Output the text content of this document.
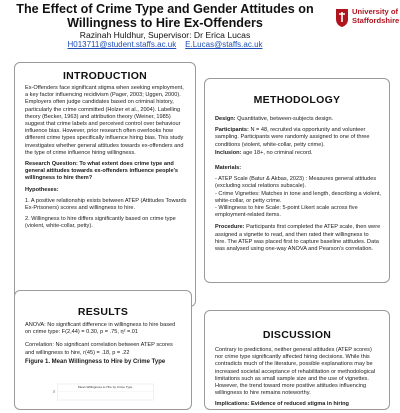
The Effect of Crime Type and Gender Attitudes on
Willingness to Hire Ex-Offenders
Razinah Huldhur, Supervisor: Dr Erica Lucas
H013711@student.staffs.ac.uk E.Lucas@staffs.ac.uk
University of
Staffordshire
INTRODUCTION

Ex-Offenders face significant stigma when seeking employment, a key factor influencing recidivism (Pager, 2003; Uggen, 2000). Employers often judge candidates based on criminal history, particularly the crime committed (Holzer et al., 2004). Labelling theory (Becker, 1963) and attribution theory (Weiner, 1985) suggest that crime labels and perceived control over behaviour influence bias. However, prior research often overlooks how different crime types specifically influence hiring bias. This study investigates whether general attitudes towards ex-offenders and the type of crime influence hiring willingness.

Research Question: To what extent does crime type and general attitudes towards ex-offenders influence people's willingness to hire them?

Hypotheses:

1. A positive relationship exists between ATEP (Attitudes Towards Ex-Prisoners) scores and willingness to hire.

2. Willingness to hire differs significantly based on crime type (violent, white-collar, petty).

METHODOLOGY

Design: Quantitative, between-subjects design.

Participants: N = 48, recruited via opportunity and volunteer sampling. Participants were randomly assigned to one of three conditions (violent, white-collar, petty crime).

Inclusion: age 18+, no criminal record.

Materials:

- ATEP Scale (Batur & Akbas, 2023) : Measures general attitudes (excluding social relations subscale).
- Crime Vignettes: Matches in tone and length, describing a violent, white-collar, or petty crime.
- Willingness to hire Scale: 5-point Likert scale across five employment-related items.

Procedure: Participants first completed the ATEP scale, then were assigned a vignette to read, and then rated their willingness to hire. The ATEP was placed first to capture baseline attitudes. Data was analysed using one-way ANOVA and Pearson's correlation.

RESULTS

ANOVA: No significant difference in willingness to hire based on crime type: F(2,44) = 0.30, p = .75, η² =.01

Correlation: No significant correlation between ATEP scores and willingness to hire, r(45) = .18, p = .22

Figure 1. Mean Willingness to Hire by Crime Type
Mean Willingness to Hire by Crime Type
25
DISCUSSION

Contrary to predictions, neither general attitudes (ATEP scores) nor crime type significantly affected hiring decisions. While this contradicts much of the literature, possible explanations may be increased societal acceptance of rehabilitation or methodological limitations such as small sample size and the use of vignettes. However, the trend toward more positive attitudes influencing willingness to hire remains noteworthy.

Implications: Evidence of reduced stigma in hiring
